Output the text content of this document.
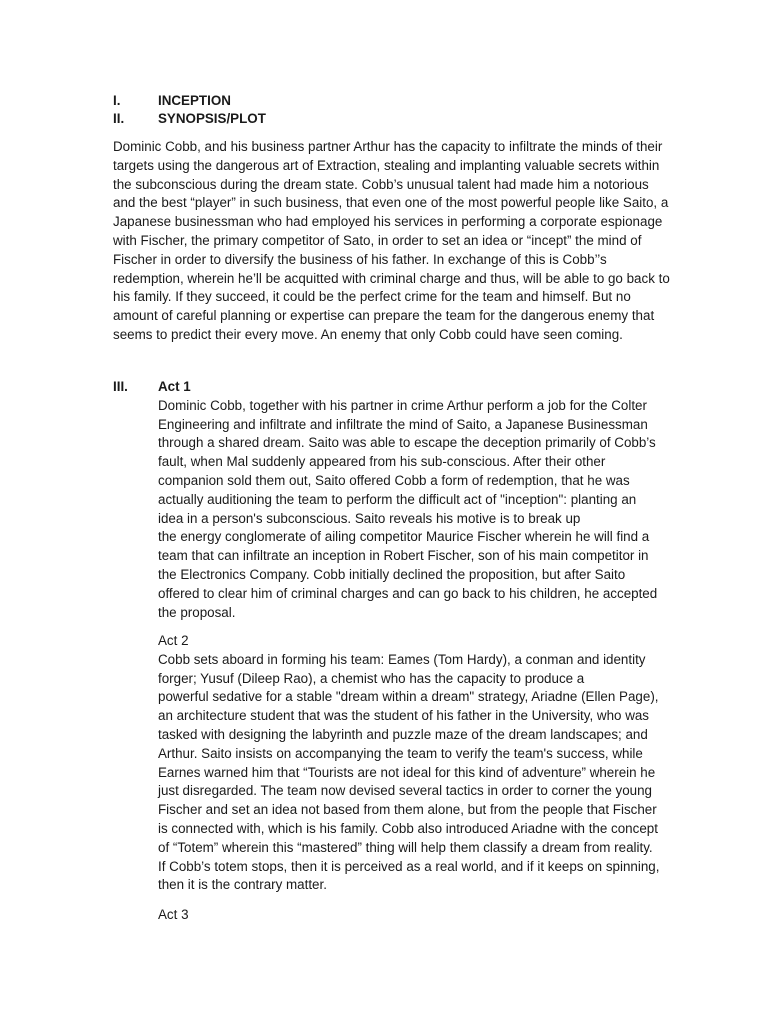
I.	INCEPTION
II.	SYNOPSIS/PLOT

Dominic Cobb, and his business partner Arthur has the capacity to infiltrate the minds of their targets using the dangerous art of Extraction, stealing and implanting valuable secrets within the subconscious during the dream state. Cobb’s unusual talent had made him a notorious and the best “player” in such business, that even one of the most powerful people like Saito, a Japanese businessman who had employed his services in performing a corporate espionage with Fischer, the primary competitor of Sato, in order to set an idea or “incept” the mind of Fischer in order to diversify the business of his father. In exchange of this is Cobb’’s redemption, wherein he’ll be acquitted with criminal charge and thus, will be able to go back to his family. If they succeed, it could be the perfect crime for the team and himself. But no amount of careful planning or expertise can prepare the team for the dangerous enemy that seems to predict their every move. An enemy that only Cobb could have seen coming.

III. Act 1

Dominic Cobb, together with his partner in crime Arthur perform a job for the Colter
Engineering and infiltrate and infiltrate the mind of Saito, a Japanese Businessman
through a shared dream. Saito was able to escape the deception primarily of Cobb’s
fault, when Mal suddenly appeared from his sub-conscious. After their other
companion sold them out, Saito offered Cobb a form of redemption, that he was
actually auditioning the team to perform the difficult act of "inception": planting an
idea in a person's subconscious. Saito reveals his motive is to break up
the energy conglomerate of ailing competitor Maurice Fischer wherein he will find a
team that can infiltrate an inception in Robert Fischer, son of his main competitor in
the Electronics Company. Cobb initially declined the proposition, but after Saito
offered to clear him of criminal charges and can go back to his children, he accepted
the proposal.

Act 2

Cobb sets aboard in forming his team: Eames (Tom Hardy), a conman and identity
forger; Yusuf (Dileep Rao), a chemist who has the capacity to produce a
powerful sedative for a stable "dream within a dream" strategy, Ariadne (Ellen Page),
an architecture student that was the student of his father in the University, who was
tasked with designing the labyrinth and puzzle maze of the dream landscapes; and
Arthur. Saito insists on accompanying the team to verify the team's success, while
Earnes warned him that “Tourists are not ideal for this kind of adventure” wherein he
just disregarded. The team now devised several tactics in order to corner the young
Fischer and set an idea not based from them alone, but from the people that Fischer
is connected with, which is his family. Cobb also introduced Ariadne with the concept
of “Totem” wherein this “mastered” thing will help them classify a dream from reality.
If Cobb’s totem stops, then it is perceived as a real world, and if it keeps on spinning,
then it is the contrary matter.

Act 3
